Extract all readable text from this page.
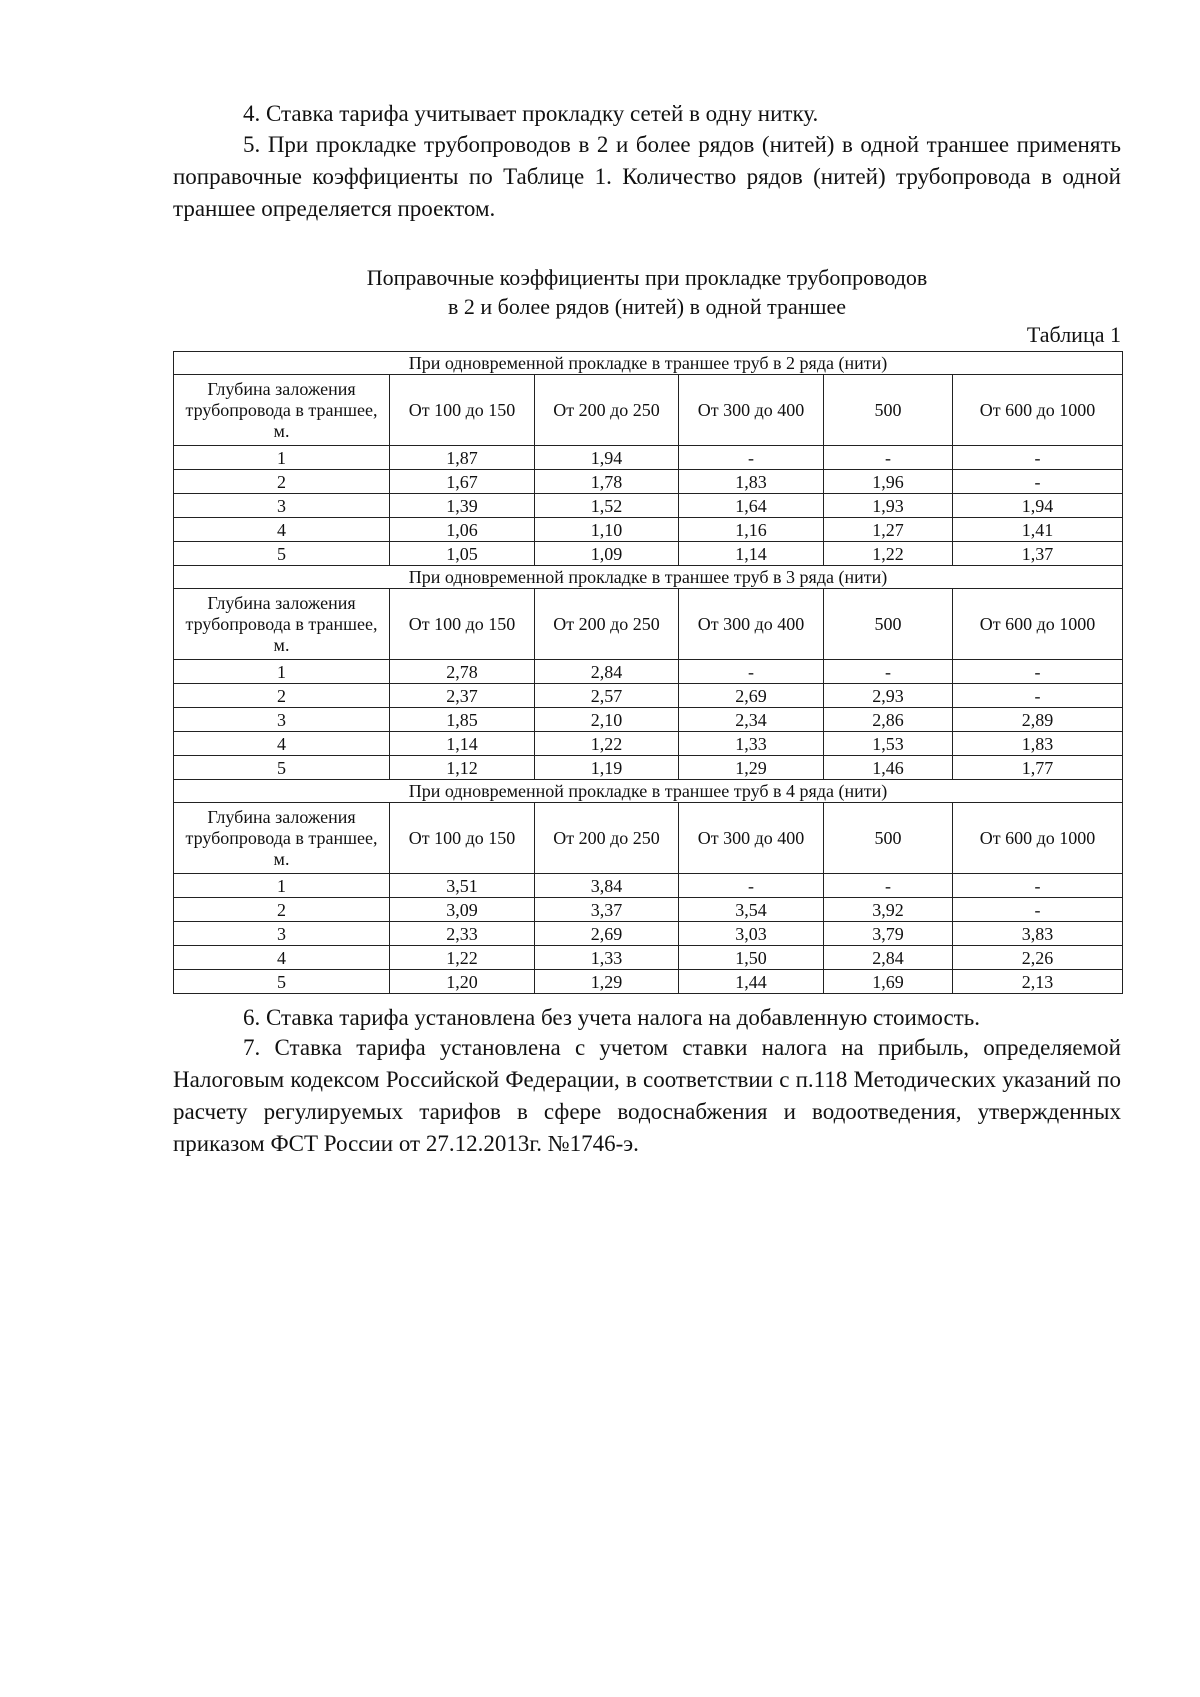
4. Ставка тарифа учитывает прокладку сетей в одну нитку.

5. При прокладке трубопроводов в 2 и более рядов (нитей) в одной траншее применять поправочные коэффициенты по Таблице 1. Количество рядов (нитей) трубопровода в одной траншее определяется проектом.

Поправочные коэффициенты при прокладке трубопроводов
в 2 и более рядов (нитей) в одной траншее
Таблица 1
При одновременной прокладке в траншее труб в 2 ряда (нити)					
Глубина заложения трубопровода в траншее, м.	От 100 до 150	От 200 до 250	От 300 до 400	500	От 600 до 1000
1	1,87	1,94	-	-	-
2	1,67	1,78	1,83	1,96	-
3	1,39	1,52	1,64	1,93	1,94
4	1,06	1,10	1,16	1,27	1,41
5	1,05	1,09	1,14	1,22	1,37
При одновременной прокладке в траншее труб в 3 ряда (нити)					
Глубина заложения трубопровода в траншее, м.	От 100 до 150	От 200 до 250	От 300 до 400	500	От 600 до 1000
1	2,78	2,84	-	-	-
2	2,37	2,57	2,69	2,93	-
3	1,85	2,10	2,34	2,86	2,89
4	1,14	1,22	1,33	1,53	1,83
5	1,12	1,19	1,29	1,46	1,77
При одновременной прокладке в траншее труб в 4 ряда (нити)					
Глубина заложения трубопровода в траншее, м.	От 100 до 150	От 200 до 250	От 300 до 400	500	От 600 до 1000
1	3,51	3,84	-	-	-
2	3,09	3,37	3,54	3,92	-
3	2,33	2,69	3,03	3,79	3,83
4	1,22	1,33	1,50	2,84	2,26
5	1,20	1,29	1,44	1,69	2,13

6. Ставка тарифа установлена без учета налога на добавленную стоимость.

7. Ставка тарифа установлена с учетом ставки налога на прибыль, определяемой Налоговым кодексом Российской Федерации, в соответствии с п.118 Методических указаний по расчету регулируемых тарифов в сфере водоснабжения и водоотведения, утвержденных приказом ФСТ России от 27.12.2013г. №1746-э.
